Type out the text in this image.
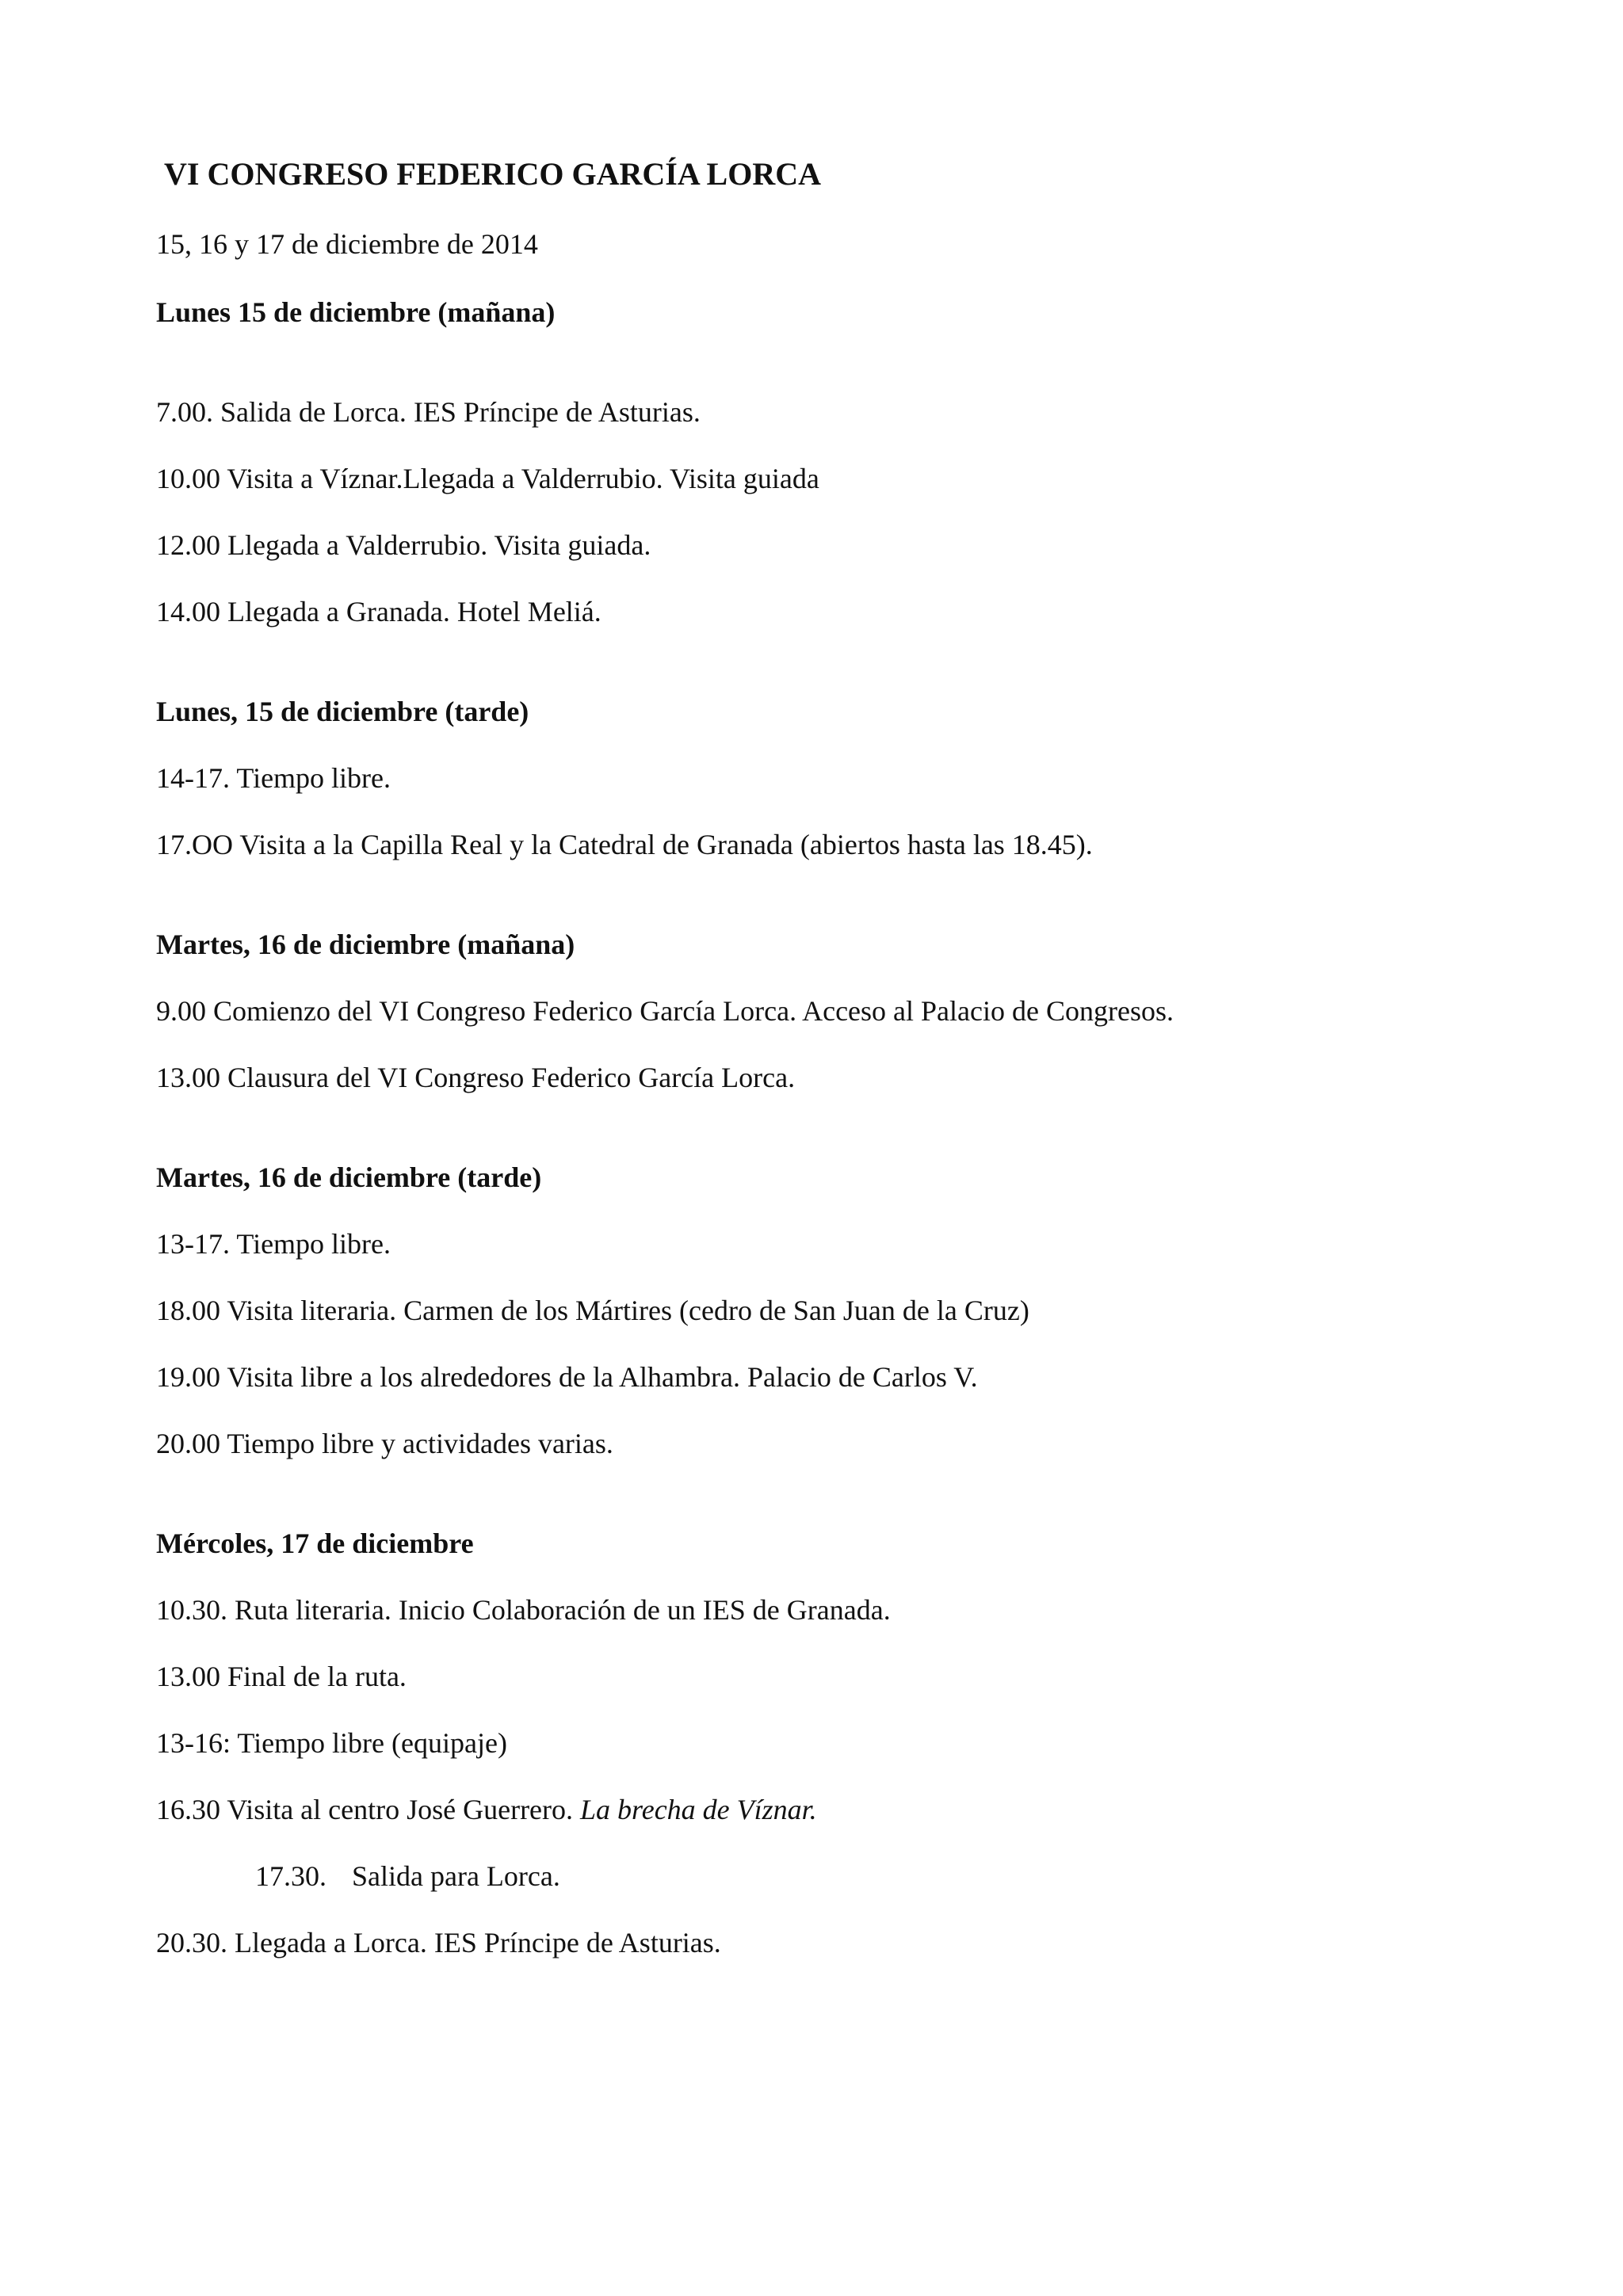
VI CONGRESO FEDERICO GARCÍA LORCA
15, 16 y 17 de diciembre de 2014
Lunes 15 de diciembre (mañana)
7.00. Salida de Lorca. IES Príncipe de Asturias.
10.00 Visita a Víznar.Llegada a Valderrubio. Visita guiada
12.00 Llegada a Valderrubio. Visita guiada.
14.00 Llegada a Granada. Hotel Meliá.
Lunes, 15 de diciembre (tarde)
14-17. Tiempo libre.
17.OO Visita a la Capilla Real y la Catedral de Granada (abiertos hasta las 18.45).
Martes, 16 de diciembre (mañana)
9.00 Comienzo del VI Congreso Federico García Lorca. Acceso al Palacio de Congresos.
13.00 Clausura del VI Congreso Federico García Lorca.
Martes, 16 de diciembre (tarde)
13-17. Tiempo libre.
18.00 Visita literaria. Carmen de los Mártires (cedro de San Juan de la Cruz)
19.00 Visita libre a los alrededores de la Alhambra. Palacio de Carlos V.
20.00 Tiempo libre y actividades varias.
Mércoles, 17 de diciembre
10.30. Ruta literaria. Inicio Colaboración de un IES de Granada.
13.00 Final de la ruta.
13-16: Tiempo libre (equipaje)
16.30 Visita al centro José Guerrero. La brecha de Víznar.
17.30. Salida para Lorca.
20.30. Llegada a Lorca. IES Príncipe de Asturias.
